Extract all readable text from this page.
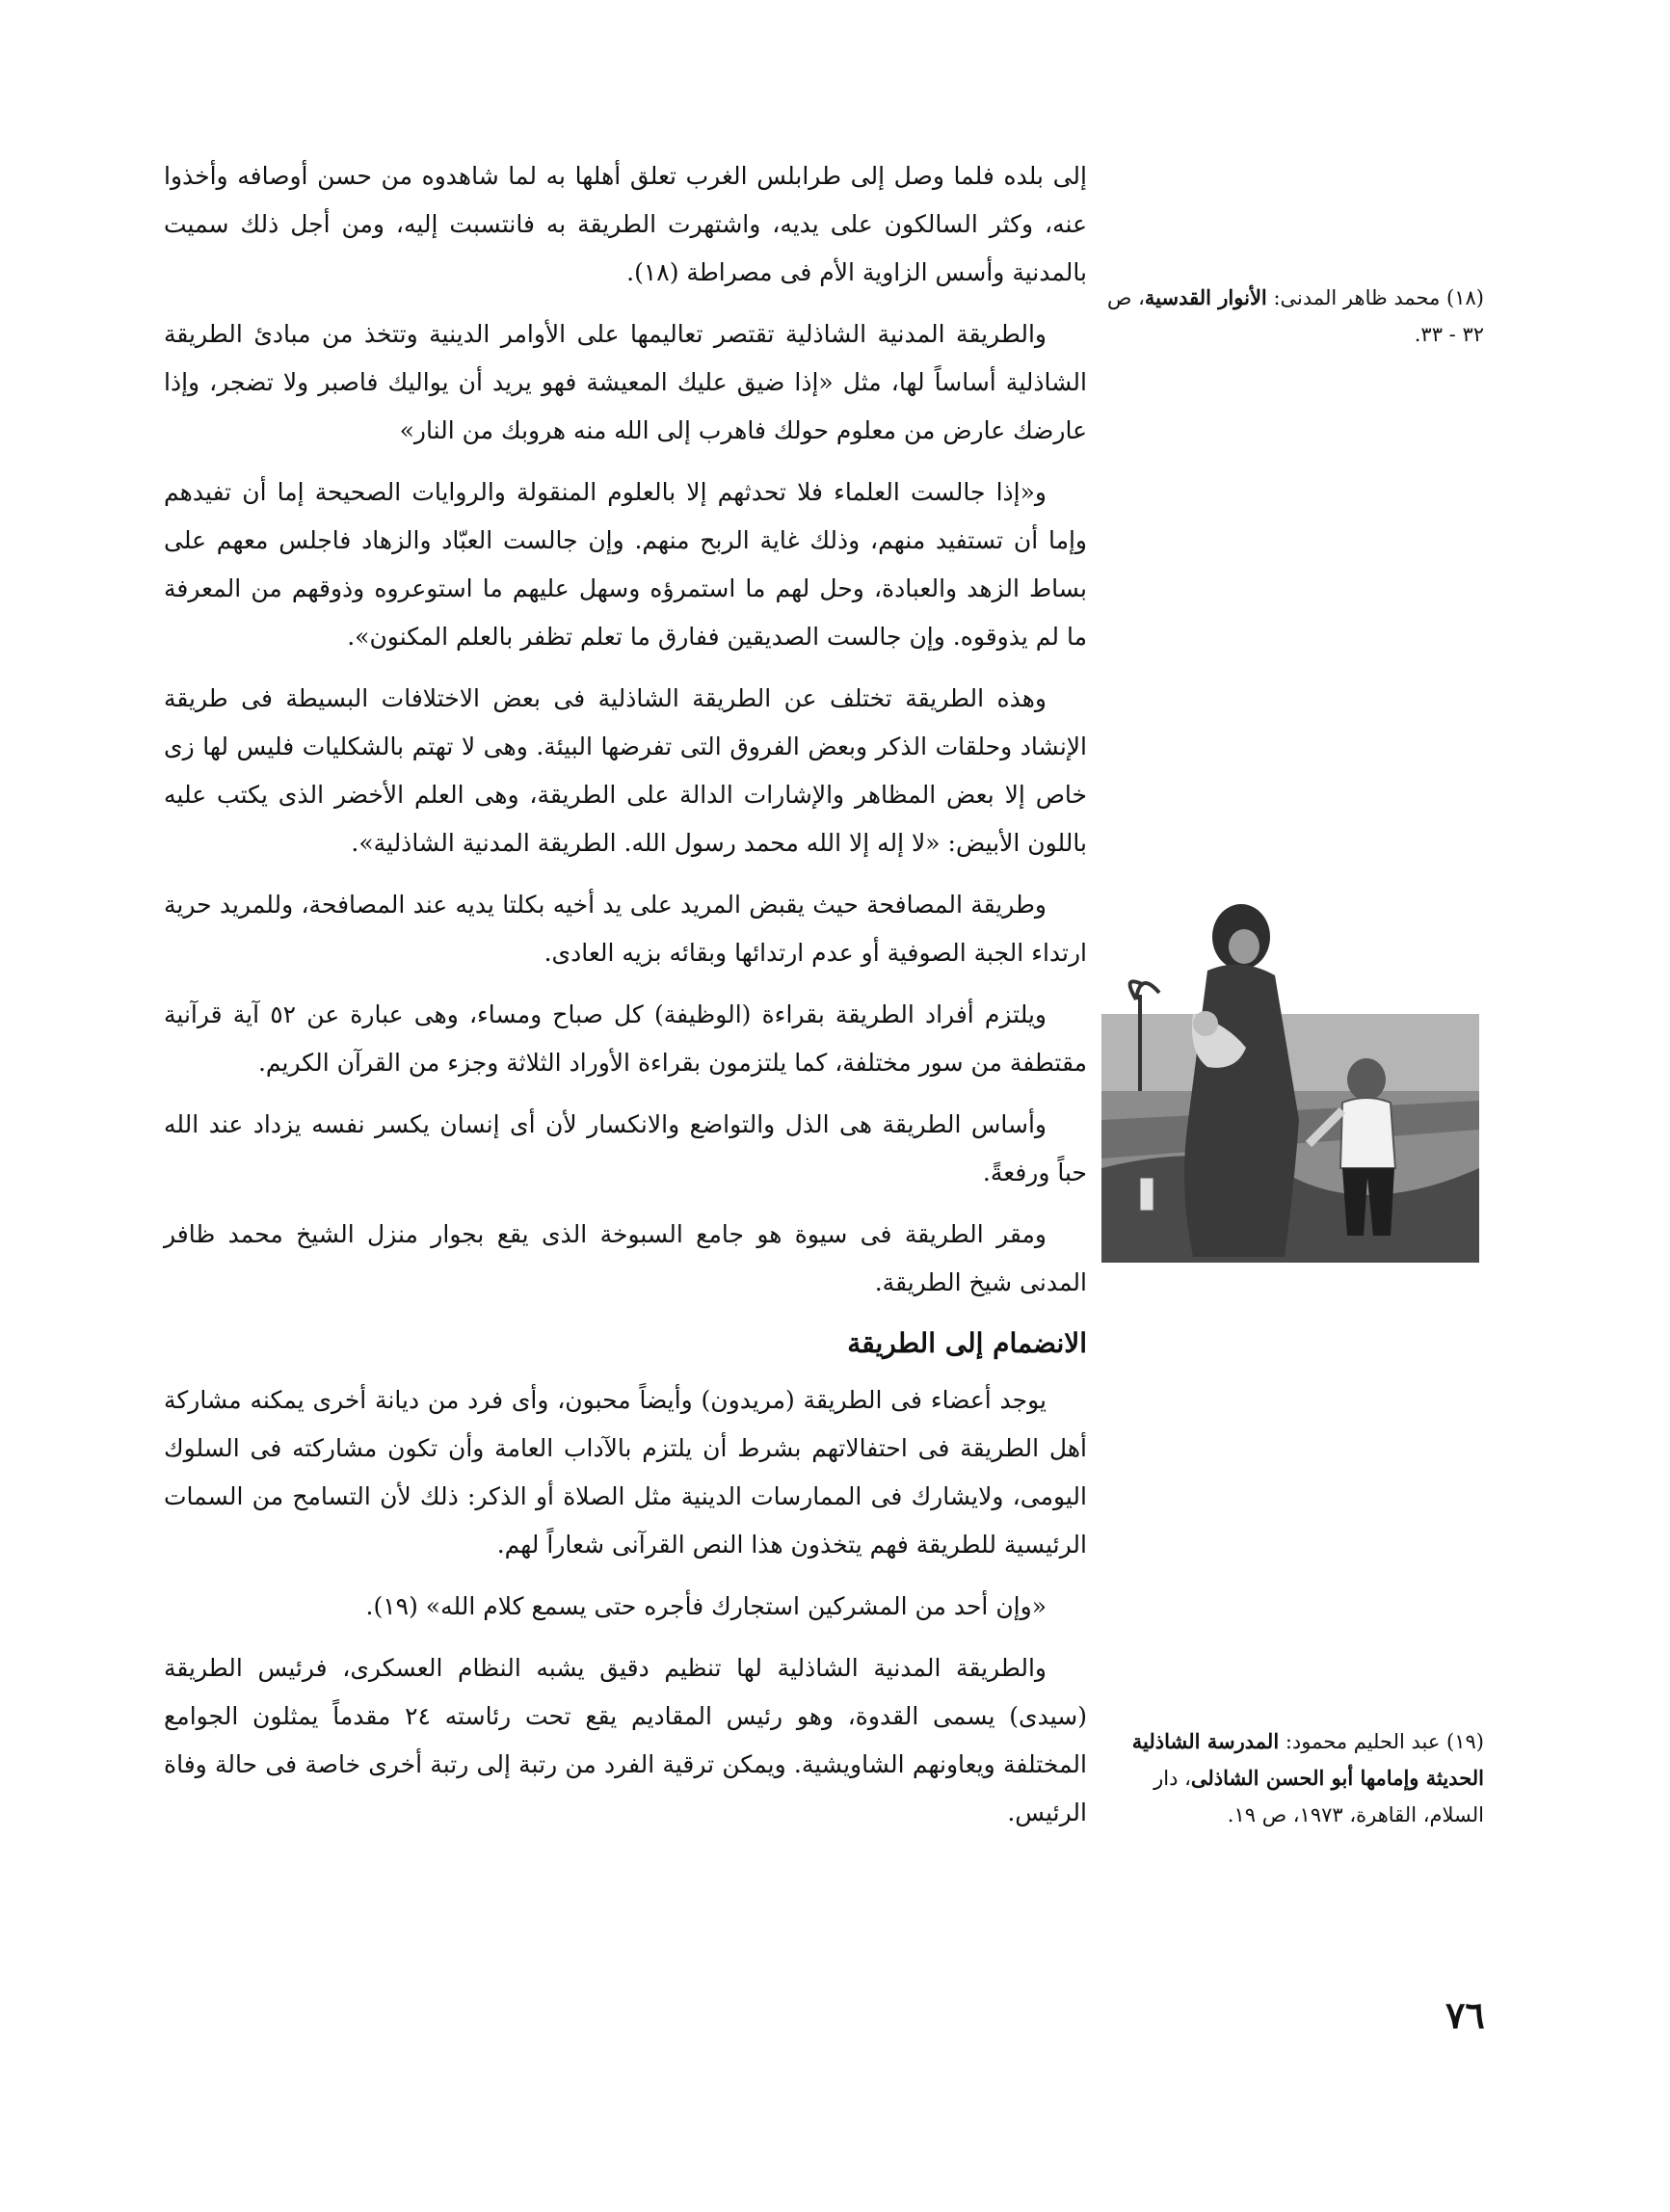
إلى بلده فلما وصل إلى طرابلس الغرب تعلق أهلها به لما شاهدوه من حسن أوصافه وأخذوا عنه، وكثر السالكون على يديه، واشتهرت الطريقة به فانتسبت إليه، ومن أجل ذلك سميت بالمدنية وأسس الزاوية الأم فى مصراطة (١٨).

والطريقة المدنية الشاذلية تقتصر تعاليمها على الأوامر الدينية وتتخذ من مبادئ الطريقة الشاذلية أساساً لها، مثل «إذا ضيق عليك المعيشة فهو يريد أن يواليك فاصبر ولا تضجر، وإذا عارضك عارض من معلوم حولك فاهرب إلى الله منه هروبك من النار»

و«إذا جالست العلماء فلا تحدثهم إلا بالعلوم المنقولة والروايات الصحيحة إما أن تفيدهم وإما أن تستفيد منهم، وذلك غاية الربح منهم. وإن جالست العبّاد والزهاد فاجلس معهم على بساط الزهد والعبادة، وحل لهم ما استمرؤه وسهل عليهم ما استوعروه وذوقهم من المعرفة ما لم يذوقوه. وإن جالست الصديقين ففارق ما تعلم تظفر بالعلم المكنون».

وهذه الطريقة تختلف عن الطريقة الشاذلية فى بعض الاختلافات البسيطة فى طريقة الإنشاد وحلقات الذكر وبعض الفروق التى تفرضها البيئة. وهى لا تهتم بالشكليات فليس لها زى خاص إلا بعض المظاهر والإشارات الدالة على الطريقة، وهى العلم الأخضر الذى يكتب عليه باللون الأبيض: «لا إله إلا الله محمد رسول الله. الطريقة المدنية الشاذلية».

وطريقة المصافحة حيث يقبض المريد على يد أخيه بكلتا يديه عند المصافحة، وللمريد حرية ارتداء الجبة الصوفية أو عدم ارتدائها وبقائه بزيه العادى.

ويلتزم أفراد الطريقة بقراءة (الوظيفة) كل صباح ومساء، وهى عبارة عن ٥٢ آية قرآنية مقتطفة من سور مختلفة، كما يلتزمون بقراءة الأوراد الثلاثة وجزء من القرآن الكريم.

وأساس الطريقة هى الذل والتواضع والانكسار لأن أى إنسان يكسر نفسه يزداد عند الله حباً ورفعةً.

ومقر الطريقة فى سيوة هو جامع السبوخة الذى يقع بجوار منزل الشيخ محمد ظافر المدنى شيخ الطريقة.

الانضمام إلى الطريقة

يوجد أعضاء فى الطريقة (مريدون) وأيضاً محبون، وأى فرد من ديانة أخرى يمكنه مشاركة أهل الطريقة فى احتفالاتهم بشرط أن يلتزم بالآداب العامة وأن تكون مشاركته فى السلوك اليومى، ولايشارك فى الممارسات الدينية مثل الصلاة أو الذكر: ذلك لأن التسامح من السمات الرئيسية للطريقة فهم يتخذون هذا النص القرآنى شعاراً لهم.

«وإن أحد من المشركين استجارك فأجره حتى يسمع كلام الله» (١٩).

والطريقة المدنية الشاذلية لها تنظيم دقيق يشبه النظام العسكرى، فرئيس الطريقة (سيدى) يسمى القدوة، وهو رئيس المقاديم يقع تحت رئاسته ٢٤ مقدماً يمثلون الجوامع المختلفة ويعاونهم الشاويشية. ويمكن ترقية الفرد من رتبة إلى رتبة أخرى خاصة فى حالة وفاة الرئيس.

(١٨) محمد ظاهر المدنى: الأنوار القدسية، ص ٣٢ - ٣٣.
(١٩) عبد الحليم محمود: المدرسة الشاذلية الحديثة وإمامها أبو الحسن الشاذلى، دار السلام، القاهرة، ١٩٧٣، ص ١٩.
٧٦
